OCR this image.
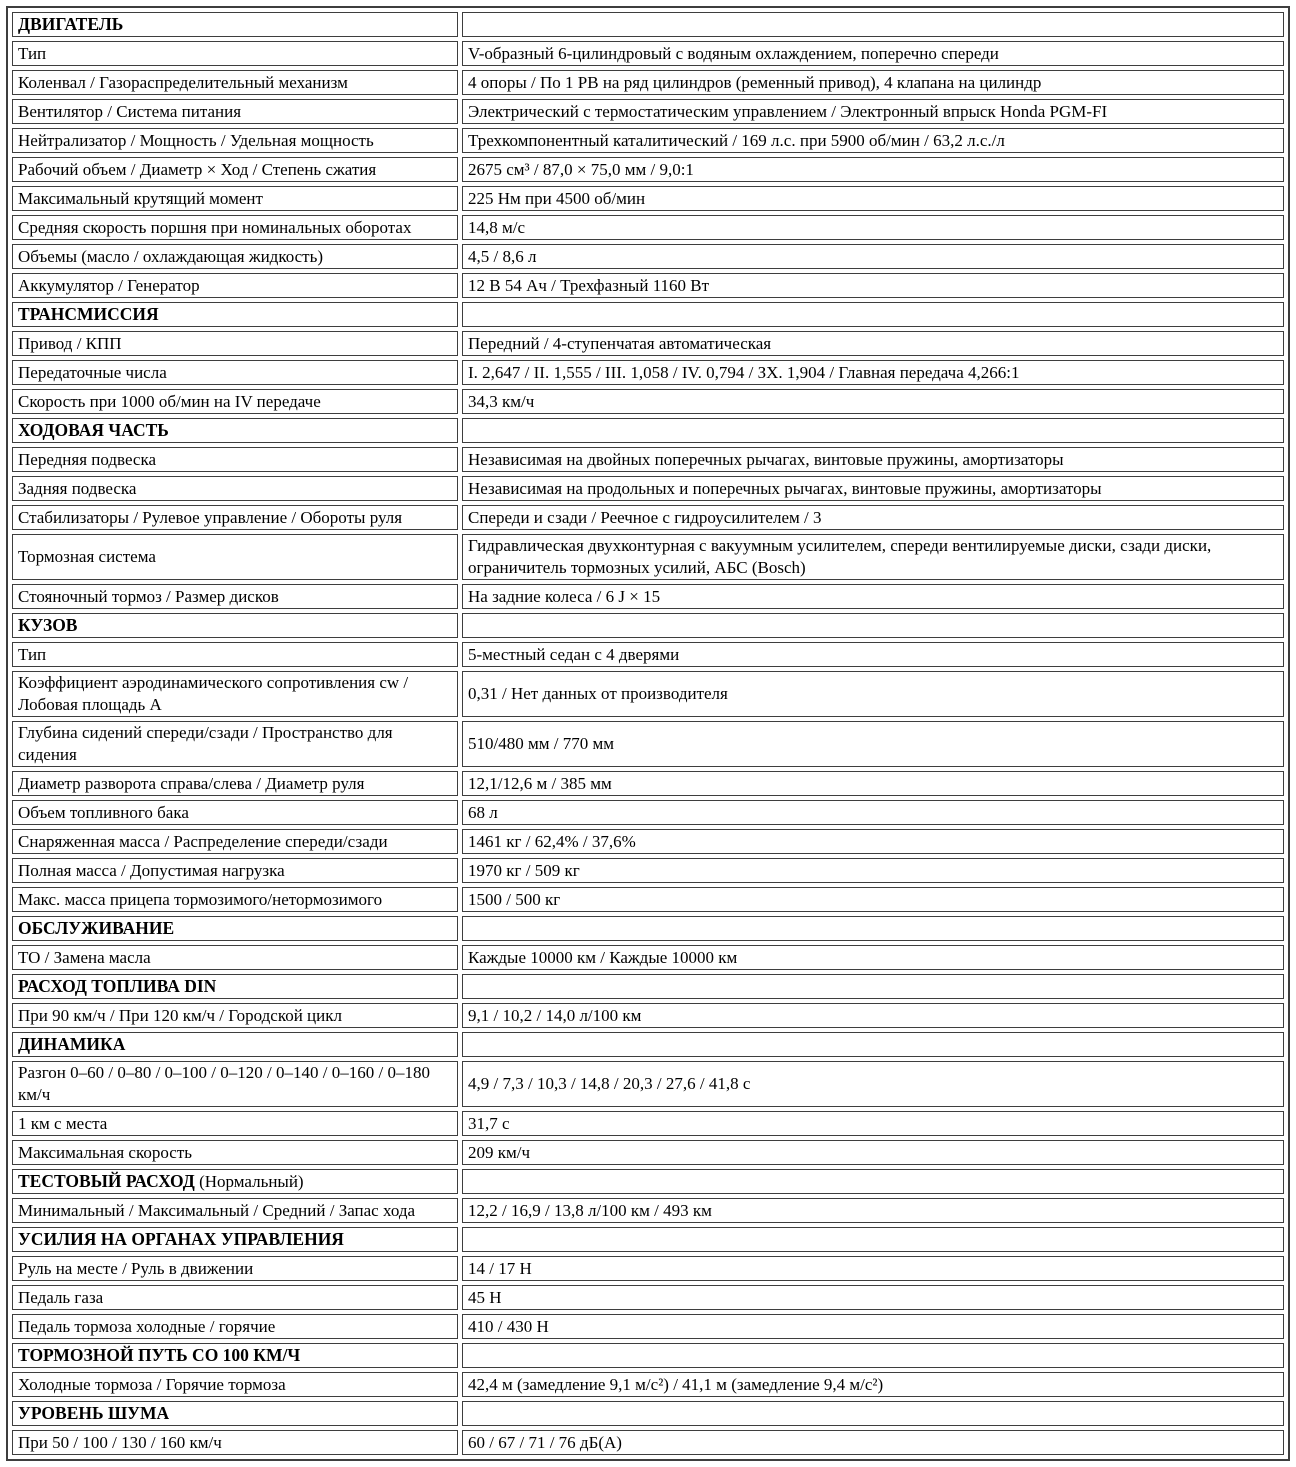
ДВИГАТЕЛЬ	
Тип	V-образный 6-цилиндровый с водяным охлаждением, поперечно спереди
Коленвал / Газораспределительный механизм	4 опоры / По 1 РВ на ряд цилиндров (ременный привод), 4 клапана на цилиндр
Вентилятор / Система питания	Электрический с термостатическим управлением / Электронный впрыск Honda PGM-FI
Нейтрализатор / Мощность / Удельная мощность	Трехкомпонентный каталитический / 169 л.с. при 5900 об/мин / 63,2 л.с./л
Рабочий объем / Диаметр × Ход / Степень сжатия	2675 см³ / 87,0 × 75,0 мм / 9,0:1
Максимальный крутящий момент	225 Нм при 4500 об/мин
Средняя скорость поршня при номинальных оборотах	14,8 м/с
Объемы (масло / охлаждающая жидкость)	4,5 / 8,6 л
Аккумулятор / Генератор	12 В 54 Ач / Трехфазный 1160 Вт
ТРАНСМИССИЯ	
Привод / КПП	Передний / 4-ступенчатая автоматическая
Передаточные числа	I. 2,647 / II. 1,555 / III. 1,058 / IV. 0,794 / ЗХ. 1,904 / Главная передача 4,266:1
Скорость при 1000 об/мин на IV передаче	34,3 км/ч
ХОДОВАЯ ЧАСТЬ	
Передняя подвеска	Независимая на двойных поперечных рычагах, винтовые пружины, амортизаторы
Задняя подвеска	Независимая на продольных и поперечных рычагах, винтовые пружины, амортизаторы
Стабилизаторы / Рулевое управление / Обороты руля	Спереди и сзади / Реечное с гидроусилителем / 3
Тормозная система	Гидравлическая двухконтурная с вакуумным усилителем, спереди вентилируемые диски, сзади диски, ограничитель тормозных усилий, АБС (Bosch)
Стояночный тормоз / Размер дисков	На задние колеса / 6 J × 15
КУЗОВ	
Тип	5-местный седан с 4 дверями
Коэффициент аэродинамического сопротивления cw / Лобовая площадь А	0,31 / Нет данных от производителя
Глубина сидений спереди/сзади / Пространство для сидения	510/480 мм / 770 мм
Диаметр разворота справа/слева / Диаметр руля	12,1/12,6 м / 385 мм
Объем топливного бака	68 л
Снаряженная масса / Распределение спереди/сзади	1461 кг / 62,4% / 37,6%
Полная масса / Допустимая нагрузка	1970 кг / 509 кг
Макс. масса прицепа тормозимого/нетормозимого	1500 / 500 кг
ОБСЛУЖИВАНИЕ	
ТО / Замена масла	Каждые 10000 км / Каждые 10000 км
РАСХОД ТОПЛИВА DIN	
При 90 км/ч / При 120 км/ч / Городской цикл	9,1 / 10,2 / 14,0 л/100 км
ДИНАМИКА	
Разгон 0–60 / 0–80 / 0–100 / 0–120 / 0–140 / 0–160 / 0–180 км/ч	4,9 / 7,3 / 10,3 / 14,8 / 20,3 / 27,6 / 41,8 с
1 км с места	31,7 с
Максимальная скорость	209 км/ч
ТЕСТОВЫЙ РАСХОД (Нормальный)	
Минимальный / Максимальный / Средний / Запас хода	12,2 / 16,9 / 13,8 л/100 км / 493 км
УСИЛИЯ НА ОРГАНАХ УПРАВЛЕНИЯ	
Руль на месте / Руль в движении	14 / 17 Н
Педаль газа	45 Н
Педаль тормоза холодные / горячие	410 / 430 Н
ТОРМОЗНОЙ ПУТЬ СО 100 КМ/Ч	
Холодные тормоза / Горячие тормоза	42,4 м (замедление 9,1 м/с²) / 41,1 м (замедление 9,4 м/с²)
УРОВЕНЬ ШУМА	
При 50 / 100 / 130 / 160 км/ч	60 / 67 / 71 / 76 дБ(А)
